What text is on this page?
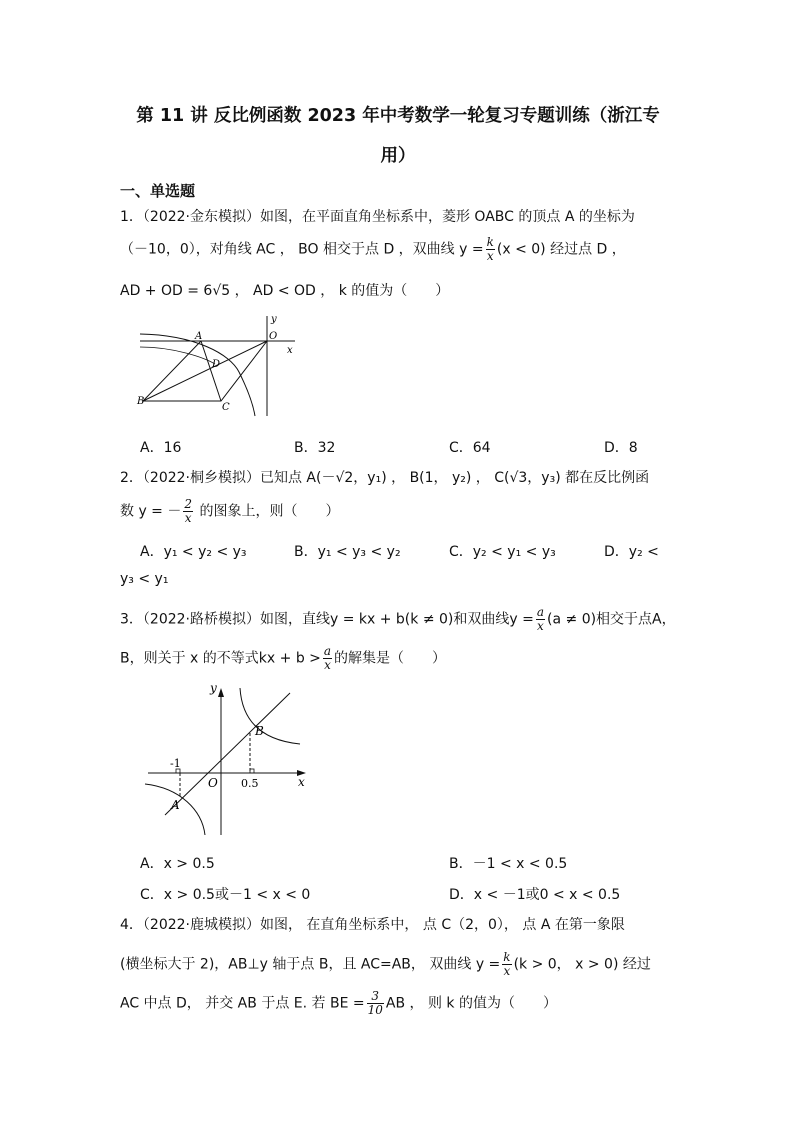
第 11 讲 反比例函数 2023 年中考数学一轮复习专题训练（浙江专
用）
一、单选题
1．（2022·金东模拟）如图，在平面直角坐标系中，菱形 OABC 的顶点 A 的坐标为
（－10，0），对角线 AC ， BO 相交于点 D ，双曲线 $y = \frac{k}{x} (x < 0)$ 经过点 D ，
AD + OD = 6√5 ， AD < OD ， k 的值为（　　）
A
B
C
D
O
x
y
A．16	B．32	C．64	D．8
2．（2022·桐乡模拟）已知点 A(－√2，y₁) ， B(1， y₂) ， C(√3，y₃) 都在反比例函
数 y = － $\frac{2}{x}$ 的图象上，则（　　）
A．y₁ < y₂ < y₃	B．y₁ < y₃ < y₂	C．y₂ < y₁ < y₃	D．y₂ <
y₃ < y₁
3．（2022·路桥模拟）如图，直线y = kx + b(k ≠ 0)和双曲线$y = \frac{a}{x} (a \ne 0)$相交于点A，
B，则关于 x 的不等式kx + $b > \frac{a}{x}$ 的解集是（　　）
y
x
O
A
B
-1
0.5
A．x > 0.5	B．－1 < x < 0.5
C．x > 0.5或－1 < x < 0	D．x < －1或0 < x < 0.5
4．（2022·鹿城模拟）如图， 在直角坐标系中， 点 C（2，0）， 点 A 在第一象限
(横坐标大于 2)，AB⊥y 轴于点 B，且 AC=AB， 双曲线 $y = \frac{k}{x} (k > 0$， x > 0) 经过
AC 中点 D， 并交 AB 于点 E. 若 BE = $\frac{3}{10}$ AB ， 则 k 的值为（　　）
